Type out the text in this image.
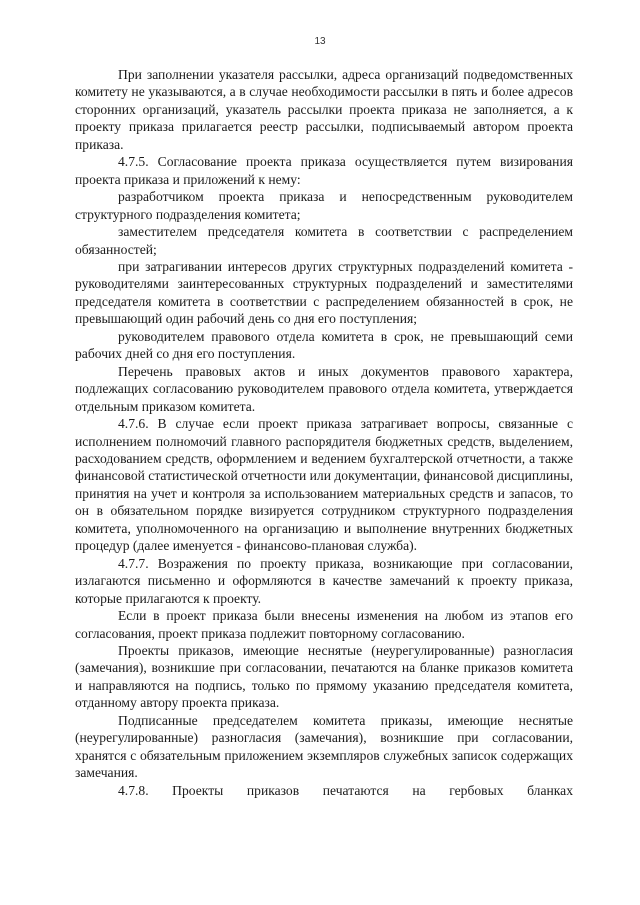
13

При заполнении указателя рассылки, адреса организаций подведомственных комитету не указываются, а в случае необходимости рассылки в пять и более адресов сторонних организаций, указатель рассылки проекта приказа не заполняется, а к проекту приказа прилагается реестр рассылки, подписываемый автором проекта приказа.

4.7.5. Согласование проекта приказа осуществляется путем визирования проекта приказа и приложений к нему:

разработчиком проекта приказа и непосредственным руководителем структурного подразделения комитета;

заместителем председателя комитета в соответствии с распределением обязанностей;

при затрагивании интересов других структурных подразделений комитета - руководителями заинтересованных структурных подразделений и заместителями председателя комитета в соответствии с распределением обязанностей в срок, не превышающий один рабочий день со дня его поступления;

руководителем правового отдела комитета в срок, не превышающий семи рабочих дней со дня его поступления.

Перечень правовых актов и иных документов правового характера, подлежащих согласованию руководителем правового отдела комитета, утверждается отдельным приказом комитета.

4.7.6. В случае если проект приказа затрагивает вопросы, связанные с исполнением полномочий главного распорядителя бюджетных средств, выделением, расходованием средств, оформлением и ведением бухгалтерской отчетности, а также финансовой статистической отчетности или документации, финансовой дисциплины, принятия на учет и контроля за использованием материальных средств и запасов, то он в обязательном порядке визируется сотрудником структурного подразделения комитета, уполномоченного на организацию и выполнение внутренних бюджетных процедур (далее именуется - финансово-плановая служба).

4.7.7. Возражения по проекту приказа, возникающие при согласовании, излагаются письменно и оформляются в качестве замечаний к проекту приказа, которые прилагаются к проекту.

Если в проект приказа были внесены изменения на любом из этапов его согласования, проект приказа подлежит повторному согласованию.

Проекты приказов, имеющие неснятые (неурегулированные) разногласия (замечания), возникшие при согласовании, печатаются на бланке приказов комитета и направляются на подпись, только по прямому указанию председателя комитета, отданному автору проекта приказа.

Подписанные председателем комитета приказы, имеющие неснятые (неурегулированные) разногласия (замечания), возникшие при согласовании, хранятся с обязательным приложением экземпляров служебных записок содержащих замечания.

4.7.8. Проекты приказов печатаются на гербовых бланках
